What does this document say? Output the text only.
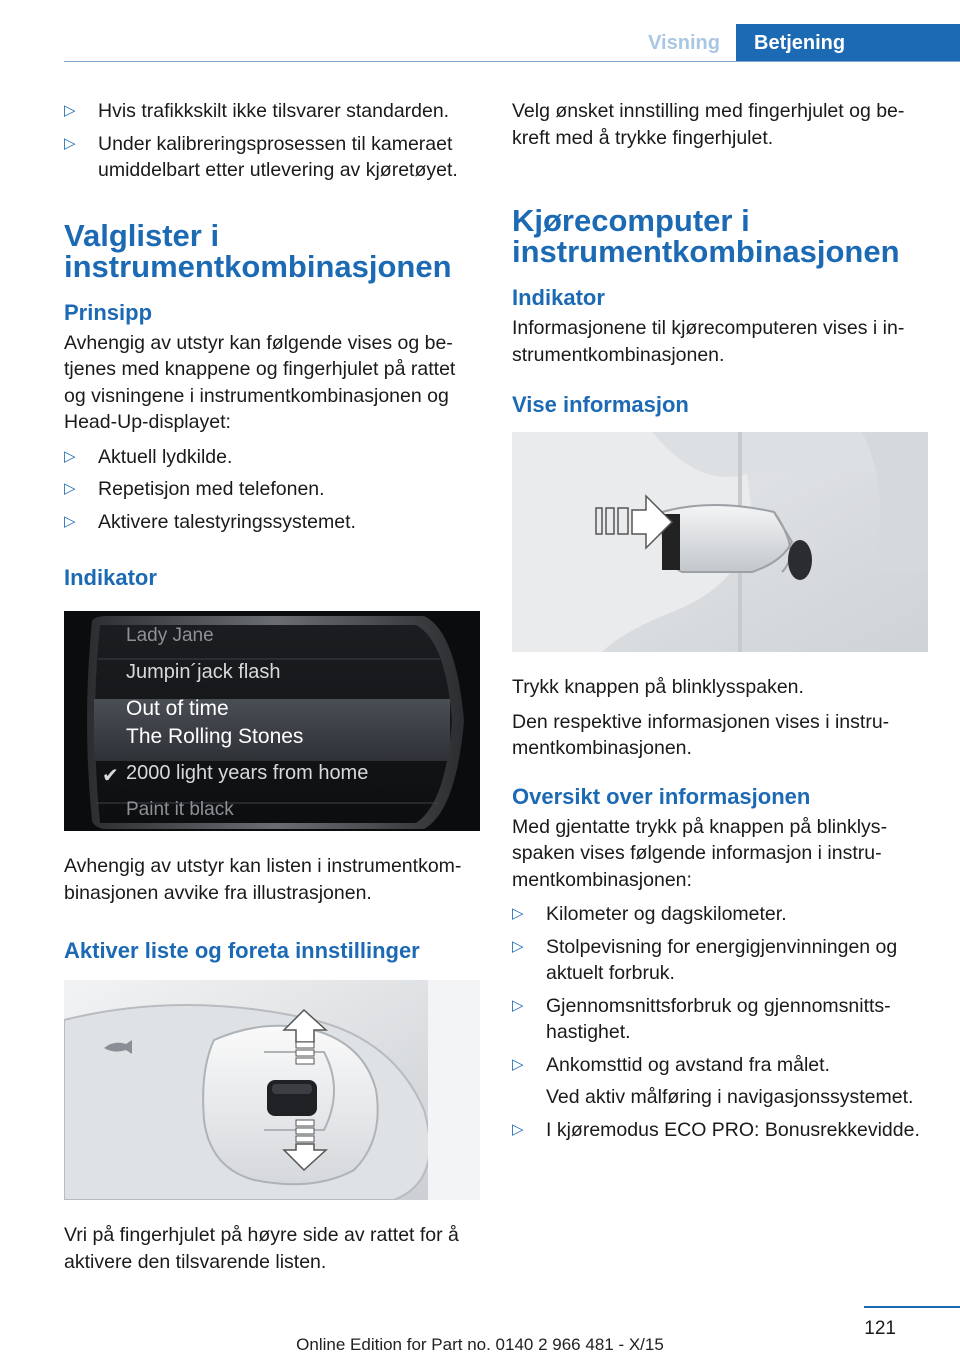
Visning	Betjening
▷ Hvis trafikkskilt ikke tilsvarer standarden.
▷ Under kalibreringsprosessen til kameraet umiddelbart etter utlevering av kjøretøyet.
Valglister i instrumentkombinasjonen
Prinsipp

Avhengig av utstyr kan følgende vises og betjenes med knappene og fingerhjulet på rattet og visningene i instrumentkombinasjonen og Head-Up-displayet:

▷ Aktuell lydkilde.
▷ Repetisjon med telefonen.
▷ Aktivere talestyringssystemet.
Indikator
Lady Jane
Jumpin´jack flash
Out of time
The Rolling Stones
✔ 2000 light years from home
Paint it black

Avhengig av utstyr kan listen i instrumentkombinasjonen avvike fra illustrasjonen.

Aktiver liste og foreta innstillinger

Vri på fingerhjulet på høyre side av rattet for å aktivere den tilsvarende listen.

Velg ønsket innstilling med fingerhjulet og bekreft med å trykke fingerhjulet.

Kjørecomputer i instrumentkombinasjonen
Indikator

Informasjonene til kjørecomputeren vises i instrumentkombinasjonen.

Vise informasjon

Trykk knappen på blinklysspaken.

Den respektive informasjonen vises i instrumentkombinasjonen.

Oversikt over informasjonen

Med gjentatte trykk på knappen på blinklysspaken vises følgende informasjon i instrumentkombinasjonen:

▷ Kilometer og dagskilometer.
▷ Stolpevisning for energigjenvinningen og aktuelt forbruk.
▷ Gjennomsnittsforbruk og gjennomsnittshastighet.
▷ Ankomsttid og avstand fra målet.
Ved aktiv målføring i navigasjonssystemet.
▷ I kjøremodus ECO PRO: Bonusrekkevidde.
121
Online Edition for Part no. 0140 2 966 481 - X/15
